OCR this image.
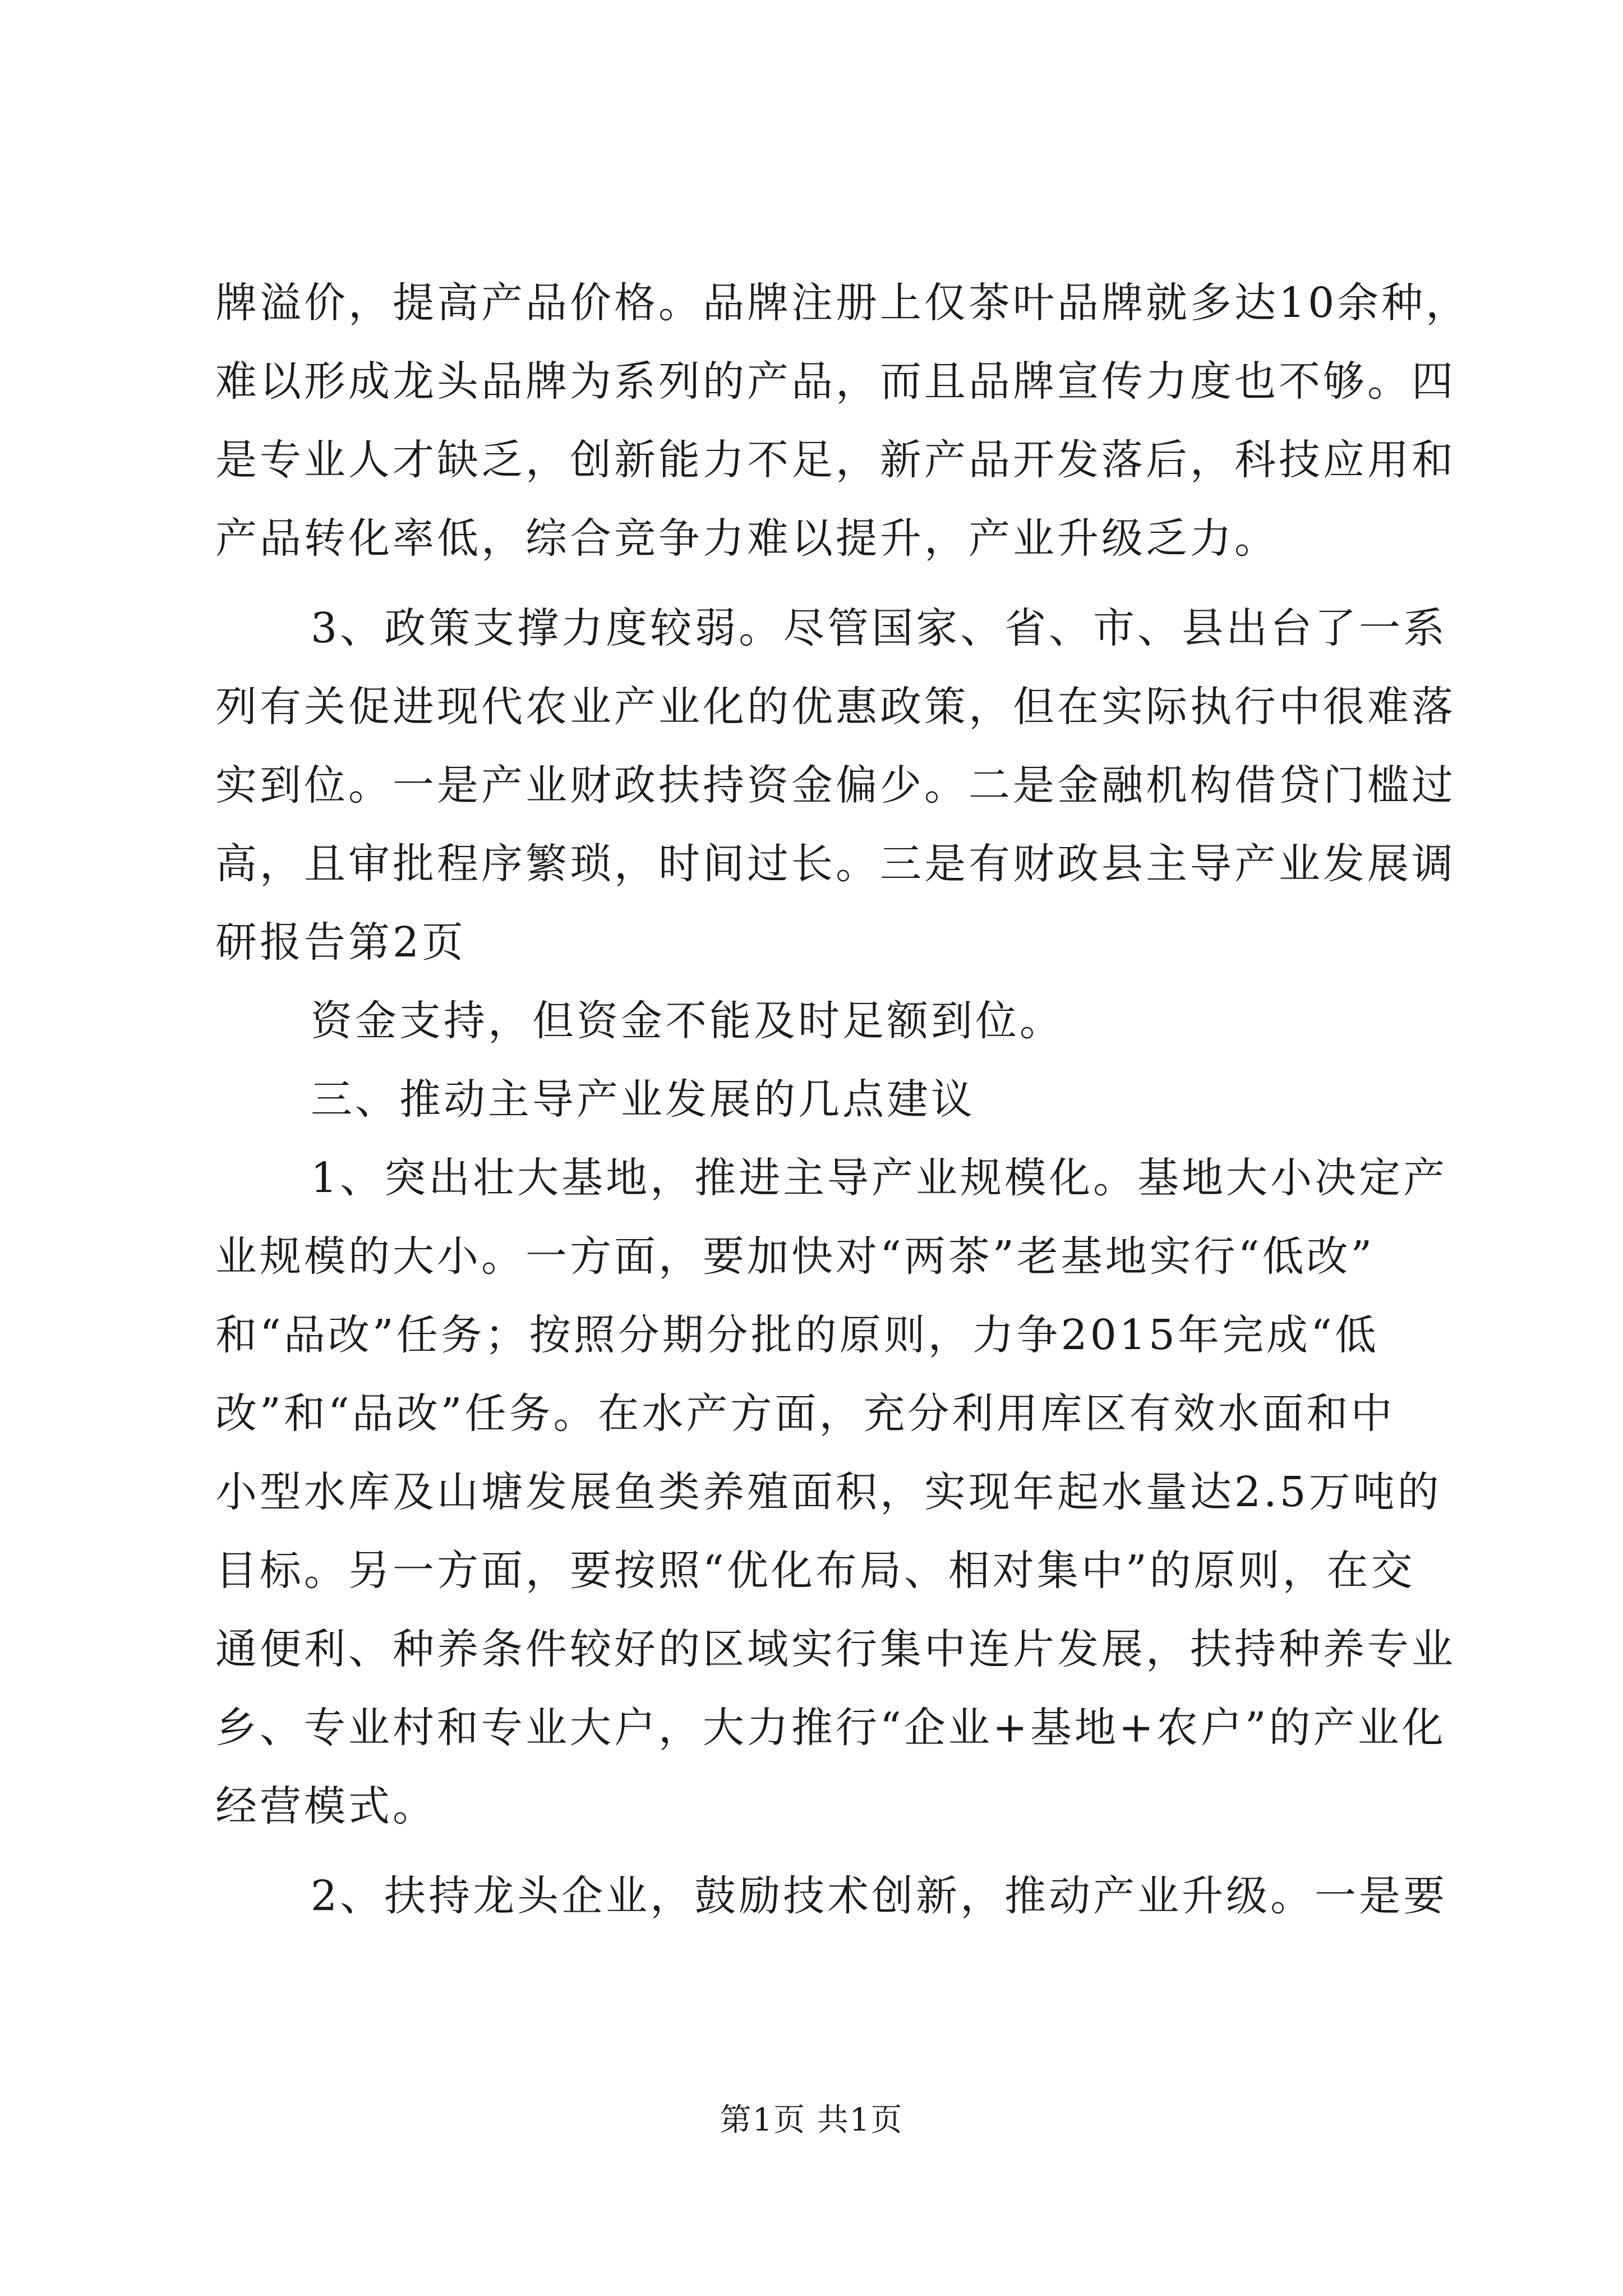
牌溢价，提高产品价格。品牌注册上仅茶叶品牌就多达10余种，
难以形成龙头品牌为系列的产品，而且品牌宣传力度也不够。四
是专业人才缺乏，创新能力不足，新产品开发落后，科技应用和
产品转化率低，综合竞争力难以提升，产业升级乏力。
3、政策支撑力度较弱。尽管国家、省、市、县出台了一系
列有关促进现代农业产业化的优惠政策，但在实际执行中很难落
实到位。一是产业财政扶持资金偏少。二是金融机构借贷门槛过
高，且审批程序繁琐，时间过长。三是有财政县主导产业发展调
研报告第2页
资金支持，但资金不能及时足额到位。
三、推动主导产业发展的几点建议
1、突出壮大基地，推进主导产业规模化。基地大小决定产
业规模的大小。一方面，要加快对“两茶”老基地实行“低改”
和“品改”任务；按照分期分批的原则，力争2015年完成“低
改”和“品改”任务。在水产方面，充分利用库区有效水面和中
小型水库及山塘发展鱼类养殖面积，实现年起水量达2.5万吨的
目标。另一方面，要按照“优化布局、相对集中”的原则，在交
通便利、种养条件较好的区域实行集中连片发展，扶持种养专业
乡、专业村和专业大户，大力推行“企业+基地+农户”的产业化
经营模式。
2、扶持龙头企业，鼓励技术创新，推动产业升级。一是要
第1页 共1页
